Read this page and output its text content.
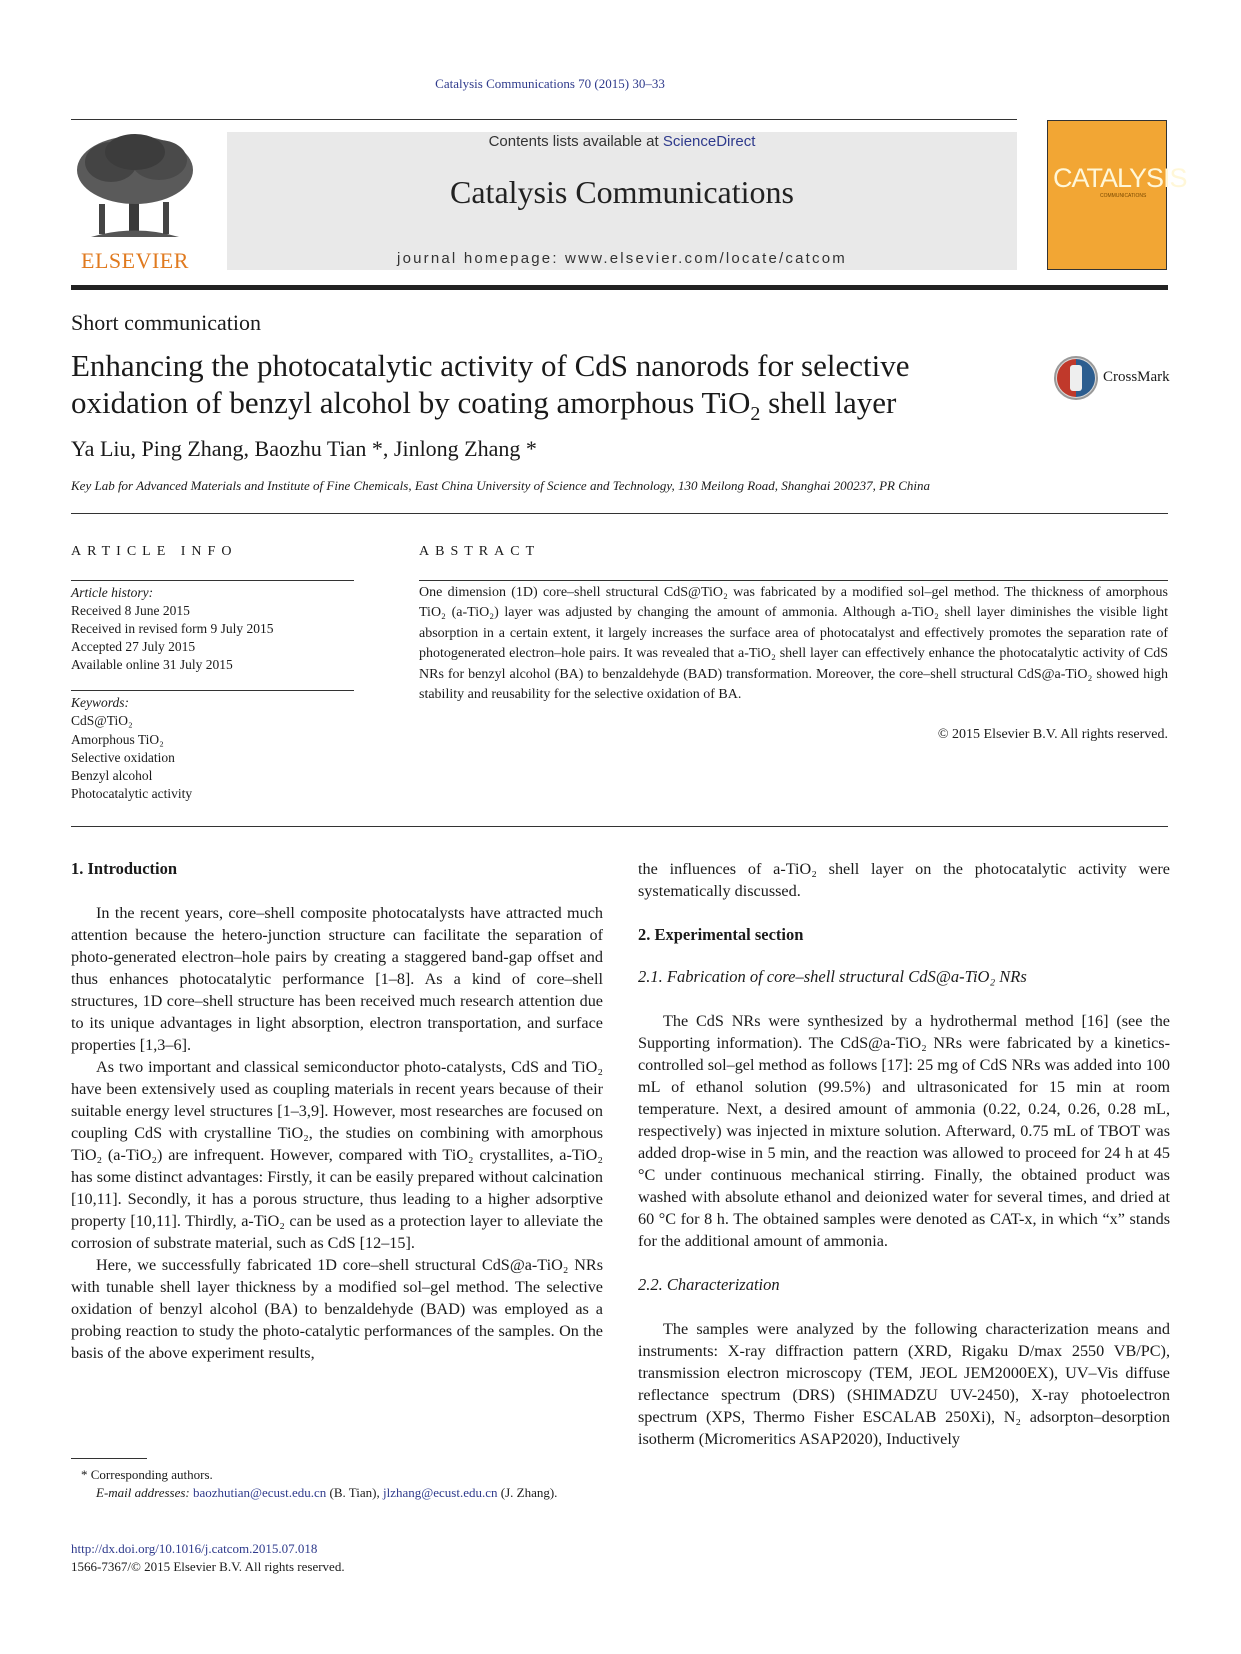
Catalysis Communications 70 (2015) 30–33
ELSEVIER
Contents lists available at ScienceDirect
Catalysis Communications
journal homepage: www.elsevier.com/locate/catcom
CATALYSIS
COMMUNICATIONS
Short communication
Enhancing the photocatalytic activity of CdS nanorods for selective oxidation of benzyl alcohol by coating amorphous TiO$_2$ shell layer
CrossMark
Ya Liu, Ping Zhang, Baozhu Tian *, Jinlong Zhang *
Key Lab for Advanced Materials and Institute of Fine Chemicals, East China University of Science and Technology, 130 Meilong Road, Shanghai 200237, PR China
ARTICLE INFO	ABSTRACT
Article history:
Received 8 June 2015
Received in revised form 9 July 2015
Accepted 27 July 2015
Available online 31 July 2015
Keywords:
CdS@TiO₂
Amorphous TiO₂
Selective oxidation
Benzyl alcohol
Photocatalytic activity
One dimension (1D) core–shell structural CdS@TiO₂ was fabricated by a modified sol–gel method. The thickness of amorphous TiO₂ (a-TiO₂) layer was adjusted by changing the amount of ammonia. Although a-TiO₂ shell layer diminishes the visible light absorption in a certain extent, it largely increases the surface area of photocatalyst and effectively promotes the separation rate of photogenerated electron–hole pairs. It was revealed that a-TiO₂ shell layer can effectively enhance the photocatalytic activity of CdS NRs for benzyl alcohol (BA) to benzaldehyde (BAD) transformation. Moreover, the core–shell structural CdS@a-TiO₂ showed high stability and reusability for the selective oxidation of BA.
© 2015 Elsevier B.V. All rights reserved.
1. Introduction

In the recent years, core–shell composite photocatalysts have attracted much attention because the hetero-junction structure can facilitate the separation of photo-generated electron–hole pairs by creating a staggered band-gap offset and thus enhances photocatalytic performance [1–8]. As a kind of core–shell structures, 1D core–shell structure has been received much research attention due to its unique advantages in light absorption, electron transportation, and surface properties [1,3–6].

As two important and classical semiconductor photo-catalysts, CdS and TiO₂ have been extensively used as coupling materials in recent years because of their suitable energy level structures [1–3,9]. However, most researches are focused on coupling CdS with crystalline TiO₂, the studies on combining with amorphous TiO₂ (a-TiO₂) are infrequent. However, compared with TiO₂ crystallites, a-TiO₂ has some distinct advantages: Firstly, it can be easily prepared without calcination [10,11]. Secondly, it has a porous structure, thus leading to a higher adsorptive property [10,11]. Thirdly, a-TiO₂ can be used as a protection layer to alleviate the corrosion of substrate material, such as CdS [12–15].

Here, we successfully fabricated 1D core–shell structural CdS@a-TiO₂ NRs with tunable shell layer thickness by a modified sol–gel method. The selective oxidation of benzyl alcohol (BA) to benzaldehyde (BAD) was employed as a probing reaction to study the photo-catalytic performances of the samples. On the basis of the above experiment results,

the influences of a-TiO₂ shell layer on the photocatalytic activity were systematically discussed.

2. Experimental section
2.1. Fabrication of core–shell structural CdS@a-TiO₂ NRs

The CdS NRs were synthesized by a hydrothermal method [16] (see the Supporting information). The CdS@a-TiO₂ NRs were fabricated by a kinetics-controlled sol–gel method as follows [17]: 25 mg of CdS NRs was added into 100 mL of ethanol solution (99.5%) and ultrasonicated for 15 min at room temperature. Next, a desired amount of ammonia (0.22, 0.24, 0.26, 0.28 mL, respectively) was injected in mixture solution. Afterward, 0.75 mL of TBOT was added drop-wise in 5 min, and the reaction was allowed to proceed for 24 h at 45 °C under continuous mechanical stirring. Finally, the obtained product was washed with absolute ethanol and deionized water for several times, and dried at 60 °C for 8 h. The obtained samples were denoted as CAT-x, in which “x” stands for the additional amount of ammonia.

2.2. Characterization

The samples were analyzed by the following characterization means and instruments: X-ray diffraction pattern (XRD, Rigaku D/max 2550 VB/PC), transmission electron microscopy (TEM, JEOL JEM2000EX), UV–Vis diffuse reflectance spectrum (DRS) (SHIMADZU UV-2450), X-ray photoelectron spectrum (XPS, Thermo Fisher ESCALAB 250Xi), N₂ adsorpton–desorption isotherm (Micromeritics ASAP2020), Inductively

* Corresponding authors.
E-mail addresses: baozhutian@ecust.edu.cn (B. Tian), jlzhang@ecust.edu.cn (J. Zhang).
http://dx.doi.org/10.1016/j.catcom.2015.07.018
1566-7367/© 2015 Elsevier B.V. All rights reserved.
